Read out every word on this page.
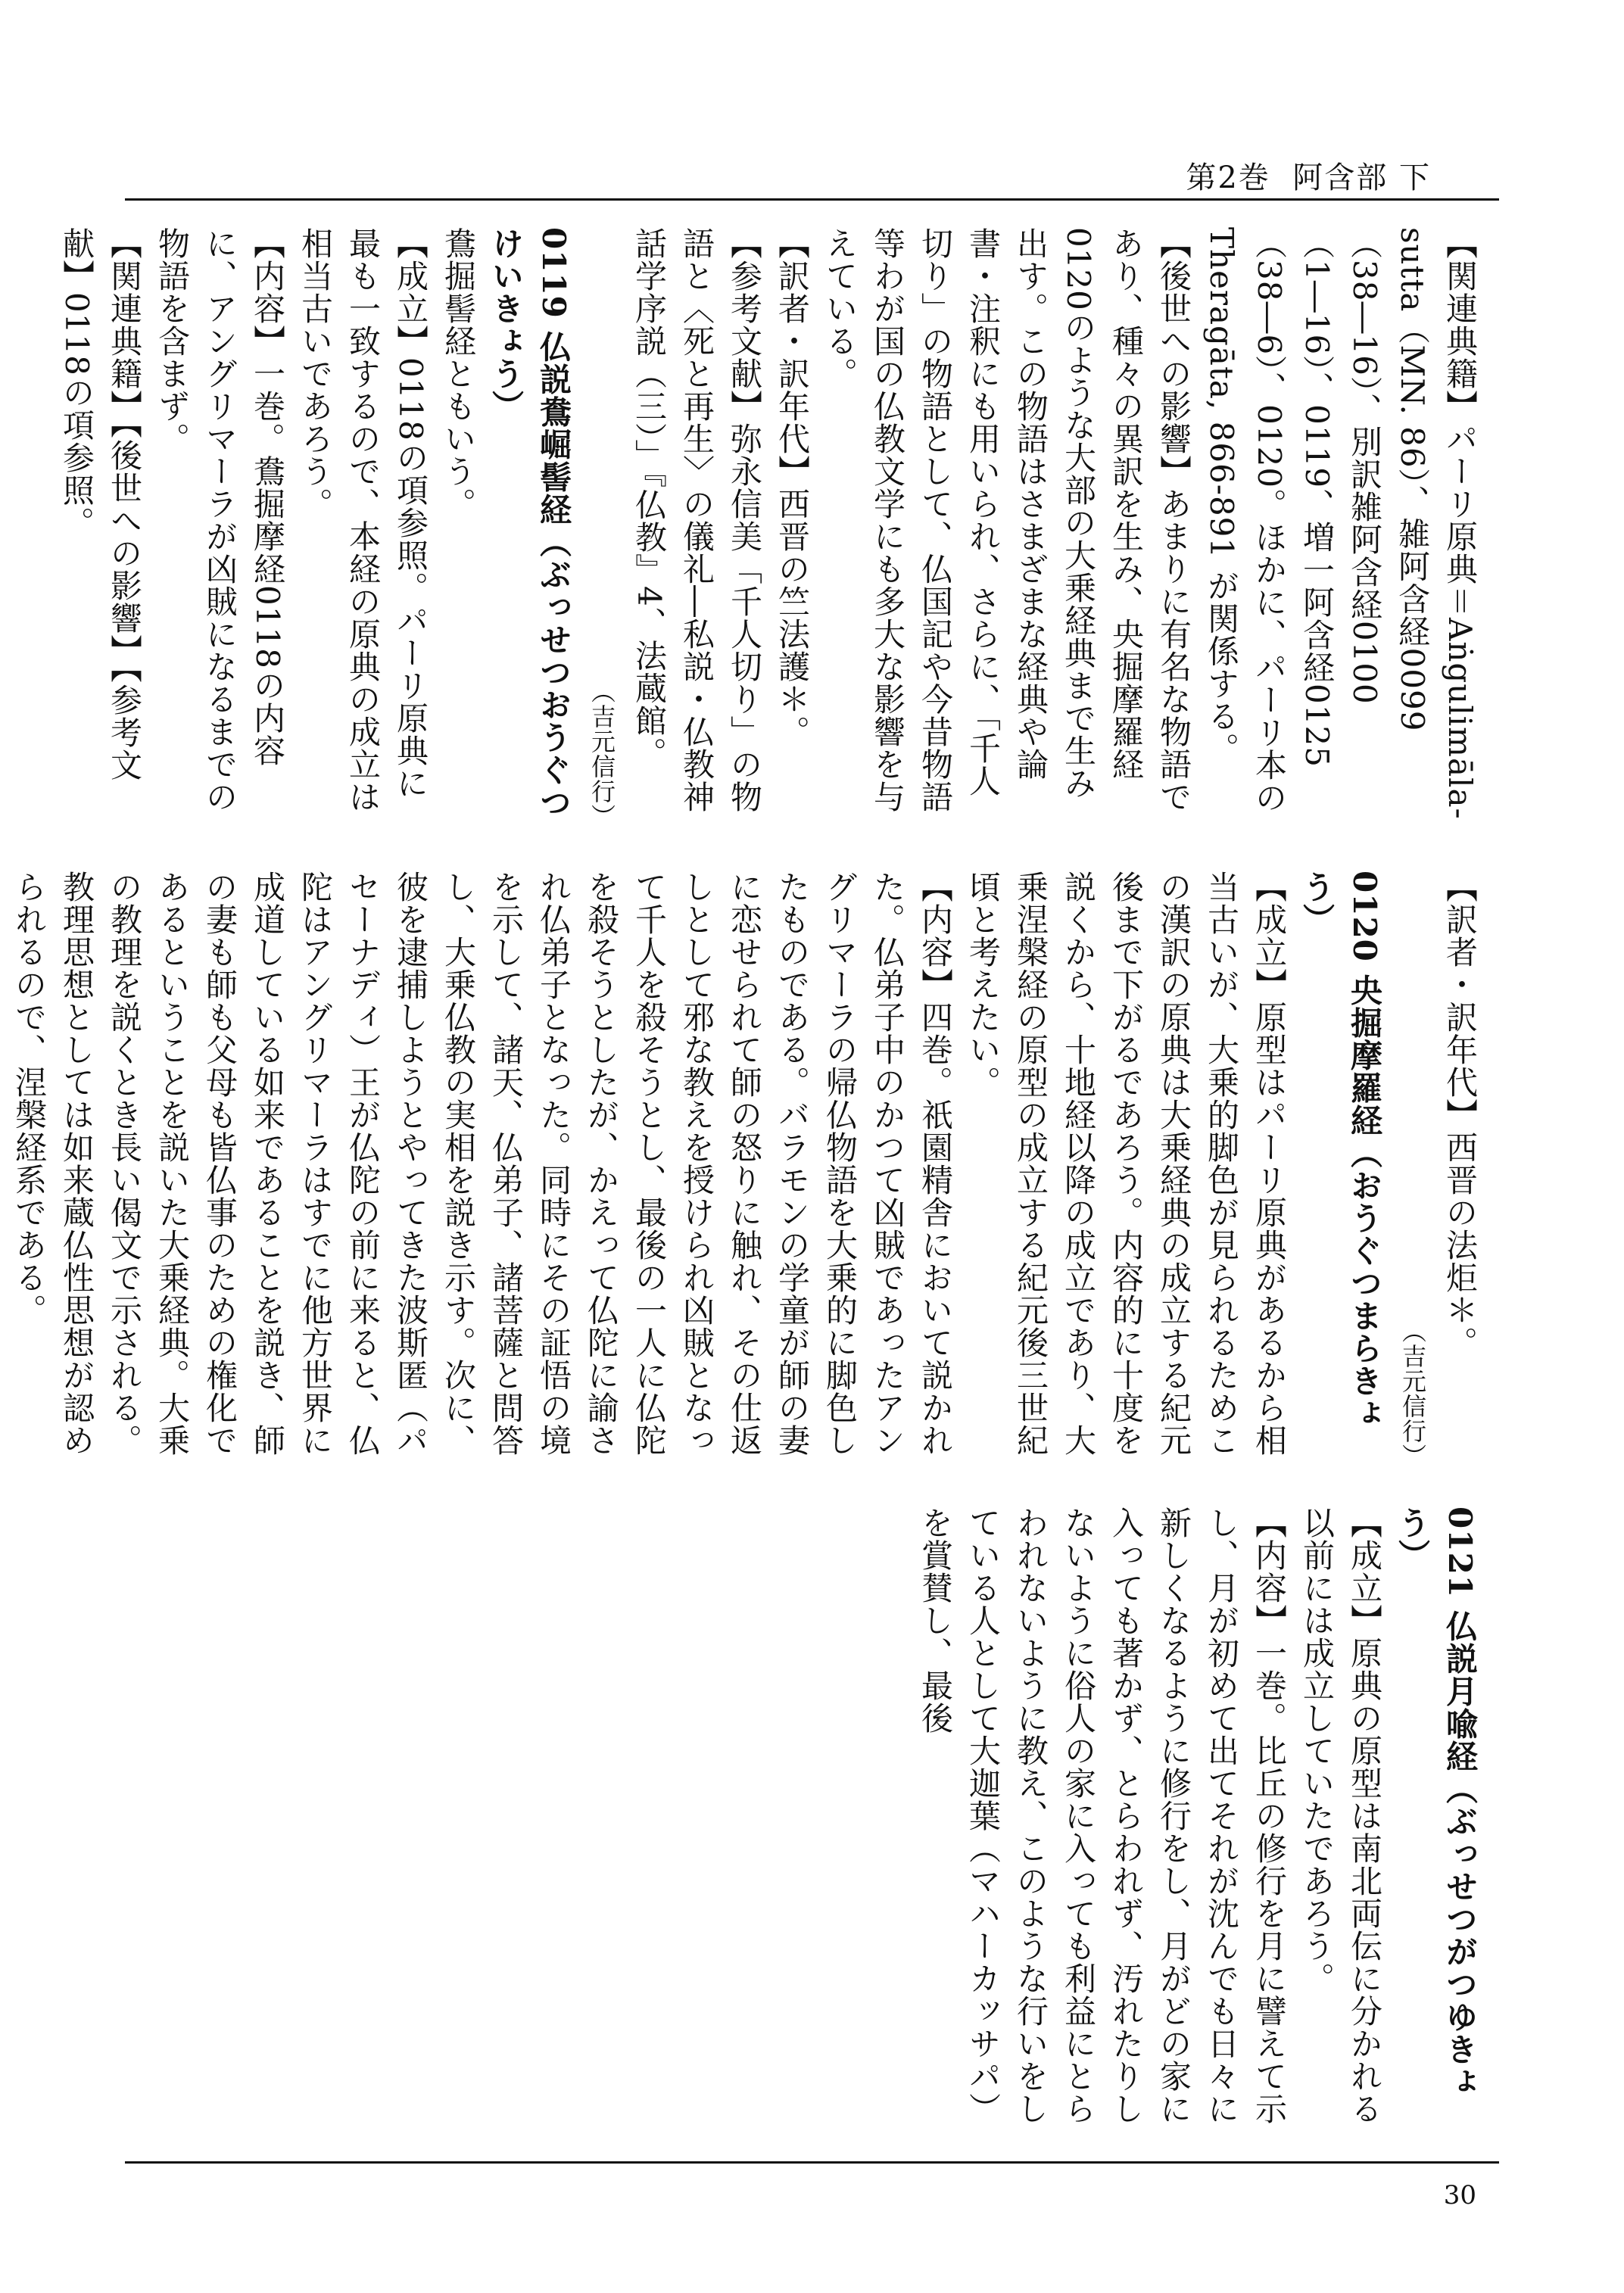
第2巻 阿含部 下

【関連典籍】パーリ原典＝Aṅgulimāla-sutta（MN. 86）、雑阿含経0099（38―16）、別訳雑阿含経0100（1―16）、0119、増一阿含経0125（38―6）、0120。ほかに、パーリ本の Theragāta, 866-891 が関係する。

【後世への影響】あまりに有名な物語であり、種々の異訳を生み、央掘摩羅経0120のような大部の大乗経典まで生み出す。この物語はさまざまな経典や論書・注釈にも用いられ、さらに、「千人切り」の物語として、仏国記や今昔物語等わが国の仏教文学にも多大な影響を与えている。

【訳者・訳年代】西晋の竺法護＊。

【参考文献】弥永信美「千人切り」の物語と〈死と再生〉の儀礼―私説・仏教神話学序説（三）」『仏教』4、法蔵館。

（吉元信行）

0119 仏説鴦崛髻経（ぶっせつおうぐつけいきょう）

鴦掘髻経ともいう。

【成立】0118の項参照。パーリ原典に最も一致するので、本経の原典の成立は相当古いであろう。

【内容】一巻。鴦掘摩経0118の内容に、アングリマーラが凶賊になるまでの物語を含まず。

【関連典籍】【後世への影響】【参考文献】0118の項参照。

【訳者・訳年代】西晋の法炬＊。

（吉元信行）

0120 央掘摩羅経（おうぐつまらきょう）

【成立】原型はパーリ原典があるから相当古いが、大乗的脚色が見られるためこの漢訳の原典は大乗経典の成立する紀元後まで下がるであろう。内容的に十度を説くから、十地経以降の成立であり、大乗涅槃経の原型の成立する紀元後三世紀頃と考えたい。

【内容】四巻。祇園精舎において説かれた。仏弟子中のかつて凶賊であったアングリマーラの帰仏物語を大乗的に脚色したものである。バラモンの学童が師の妻に恋せられて師の怒りに触れ、その仕返しとして邪な教えを授けられ凶賊となって千人を殺そうとし、最後の一人に仏陀を殺そうとしたが、かえって仏陀に諭され仏弟子となった。同時にその証悟の境を示して、諸天、仏弟子、諸菩薩と問答し、大乗仏教の実相を説き示す。次に、彼を逮捕しようとやってきた波斯匿（パセーナディ）王が仏陀の前に来ると、仏陀はアングリマーラはすでに他方世界に成道している如来であることを説き、師の妻も師も父母も皆仏事のための権化であるということを説いた大乗経典。大乗の教理を説くとき長い偈文で示される。教理思想としては如来蔵仏性思想が認められるので、涅槃経系である。

0121 仏説月喩経（ぶっせつがつゆきょう）

【成立】原典の原型は南北両伝に分かれる以前には成立していたであろう。

【内容】一巻。比丘の修行を月に譬えて示し、月が初めて出てそれが沈んでも日々に新しくなるように修行をし、月がどの家に入っても著かず、とらわれず、汚れたりしないように俗人の家に入っても利益にとらわれないように教え、このような行いをしている人として大迦葉（マハーカッサパ）を賞賛し、最後

30
